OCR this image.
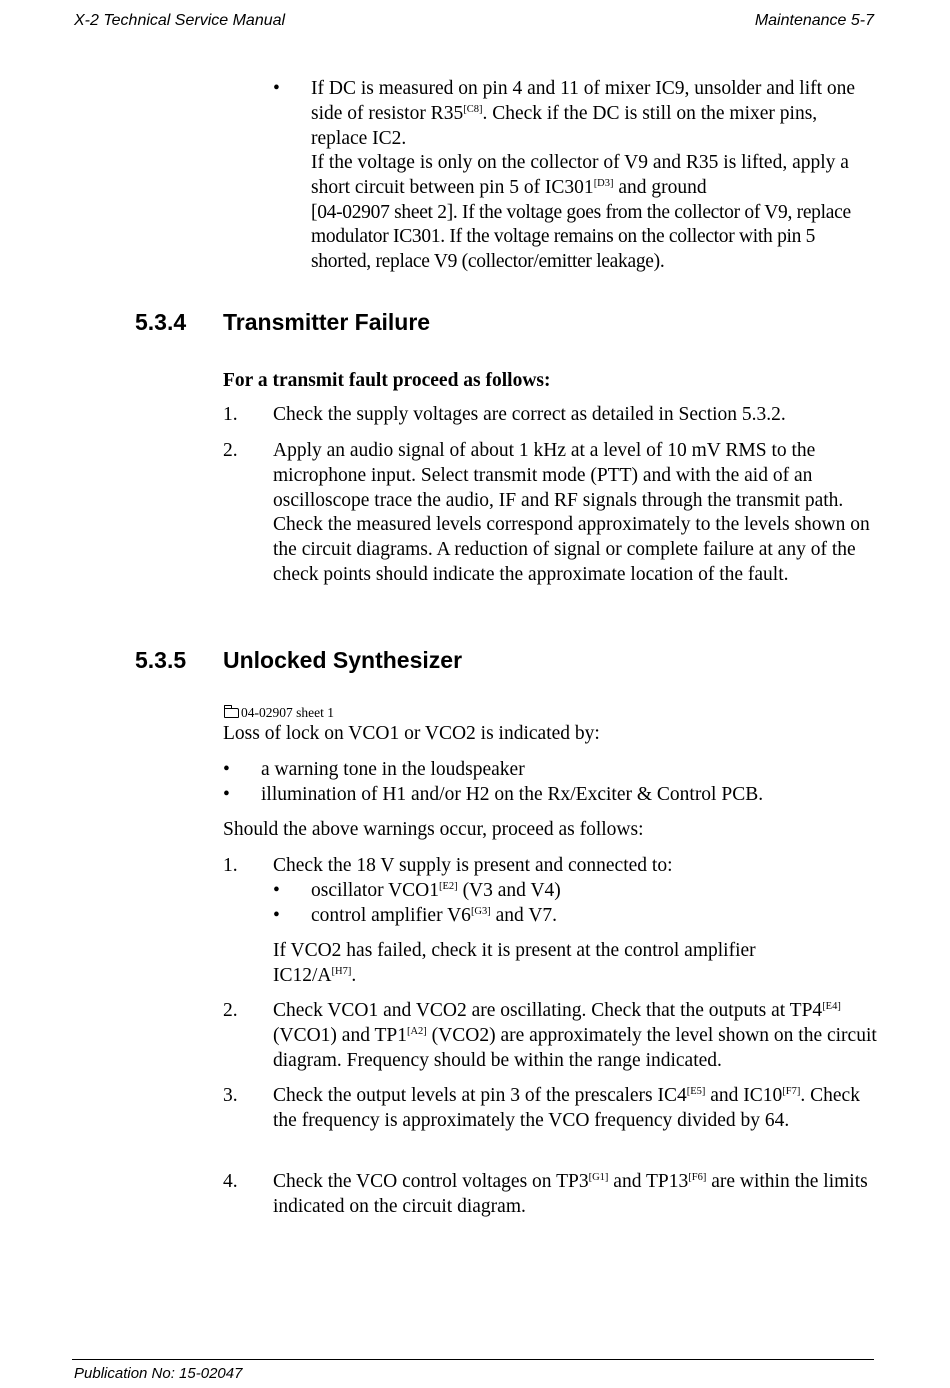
X-2 Technical Service Manual	Maintenance 5-7
• If DC is measured on pin 4 and 11 of mixer IC9, unsolder and lift one side of resistor R35[C8]. Check if the DC is still on the mixer pins, replace IC2.

If the voltage is only on the collector of V9 and R35 is lifted, apply a short circuit between pin 5 of IC301[D3] and ground
[04-02907 sheet 2]. If the voltage goes from the collector of V9, replace modulator IC301. If the voltage remains on the collector with pin 5 shorted, replace V9 (collector/emitter leakage).

5.3.4 Transmitter Failure

For a transmit fault proceed as follows:

1. Check the supply voltages are correct as detailed in Section 5.3.2.

2. Apply an audio signal of about 1 kHz at a level of 10 mV RMS to the microphone input. Select transmit mode (PTT) and with the aid of an oscilloscope trace the audio, IF and RF signals through the transmit path. Check the measured levels correspond approximately to the levels shown on the circuit diagrams. A reduction of signal or complete failure at any of the check points should indicate the approximate location of the fault.

5.3.5 Unlocked Synthesizer
04-02907 sheet 1

Loss of lock on VCO1 or VCO2 is indicated by:

• a warning tone in the loudspeaker

• illumination of H1 and/or H2 on the Rx/Exciter & Control PCB.

Should the above warnings occur, proceed as follows:

1. Check the 18 V supply is present and connected to:

• oscillator VCO1[E2] (V3 and V4)

• control amplifier V6[G3] and V7.

If VCO2 has failed, check it is present at the control amplifier IC12/A[H7].

2. Check VCO1 and VCO2 are oscillating. Check that the outputs at TP4[E4] (VCO1) and TP1[A2] (VCO2) are approximately the level shown on the circuit diagram. Frequency should be within the range indicated.

3. Check the output levels at pin 3 of the prescalers IC4[E5] and IC10[F7]. Check the frequency is approximately the VCO frequency divided by 64.

4. Check the VCO control voltages on TP3[G1] and TP13[F6] are within the limits indicated on the circuit diagram.

Publication No: 15-02047
